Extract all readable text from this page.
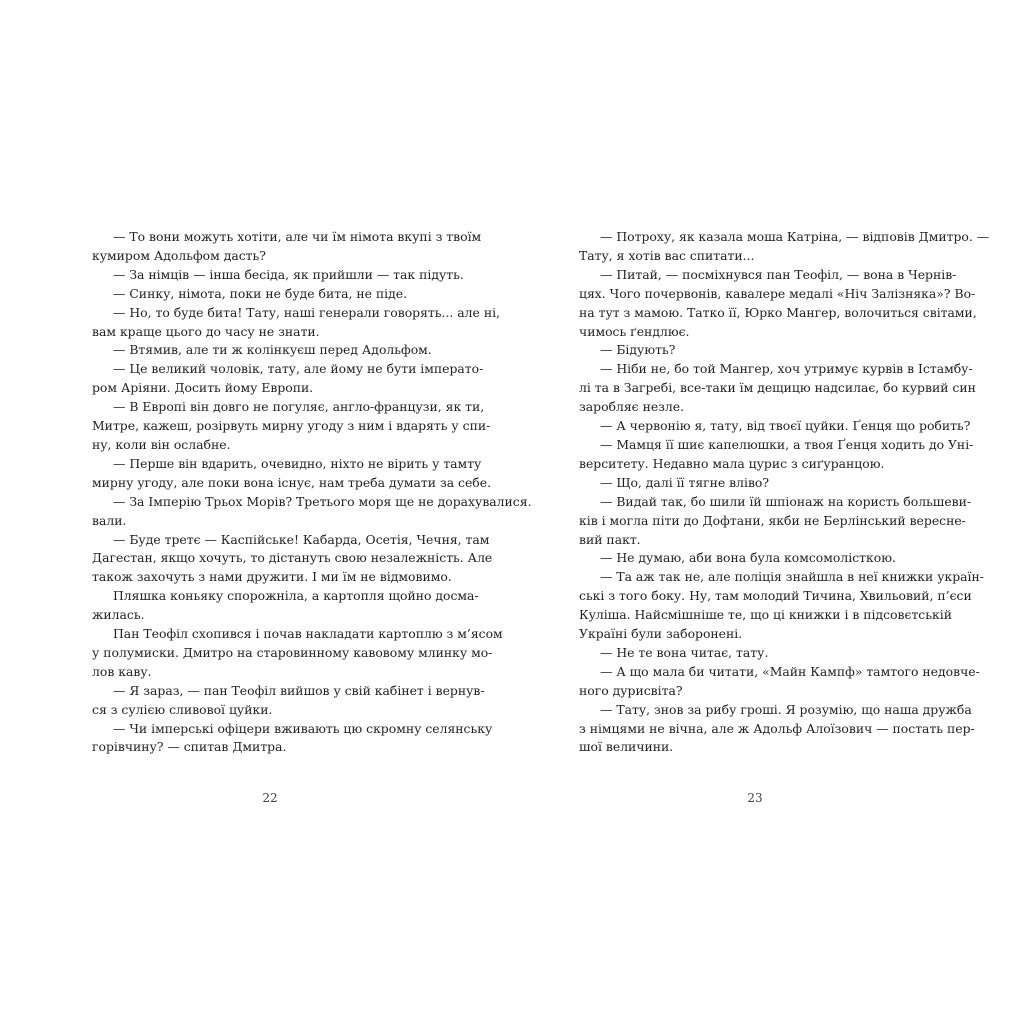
— То вони можуть хотіти, але чи їм німота вкупі з твоїм
кумиром Адольфом дасть?
— За німців — інша бесіда, як прийшли — так підуть.
— Синку, німота, поки не буде бита, не піде.
— Но, то буде бита! Тату, наші генерали говорять... але ні,
вам краще цього до часу не знати.
— Втямив, але ти ж колінкуєш перед Адольфом.
— Це великий чоловік, тату, але йому не бути імперато-
ром Аріяни. Досить йому Европи.
— В Европі він довго не погуляє, англо-французи, як ти,
Митре, кажеш, розірвуть мирну угоду з ним і вдарять у спи-
ну, коли він ослабне.
— Перше він вдарить, очевидно, ніхто не вірить у тамту
мирну угоду, але поки вона існує, нам треба думати за себе.
— За Імперію Трьох Морів? Третього моря ще не дорахувалися.
вали.
— Буде третє — Каспійське! Кабарда, Осетія, Чечня, там
Дагестан, якщо хочуть, то дістануть свою незалежність. Але
також захочуть з нами дружити. І ми їм не відмовимо.
Пляшка коньяку спорожніла, а картопля щойно досма-
жилась.
Пан Теофіл схопився і почав накладати картоплю з м’ясом
у полумиски. Дмитро на старовинному кавовому млинку мо-
лов каву.
— Я зараз, — пан Теофіл вийшов у свій кабінет і вернув-
ся з сулією сливової цуйки.
— Чи імперські офіцери вживають цю скромну селянську
горівчину? — спитав Дмитра.
22
— Потроху, як казала моша Катріна, — відповів Дмитро. —
Тату, я хотів вас спитати...
— Питай, — посміхнувся пан Теофіл, — вона в Чернів-
цях. Чого почервонів, кавалере медалі «Ніч Залізняка»? Во-
на тут з мамою. Татко її, Юрко Мангер, волочиться світами,
чимось ґендлює.
— Бідують?
— Ніби не, бо той Мангер, хоч утримує курвів в Істамбу-
лі та в Загребі, все-таки їм дещицю надсилає, бо курвий син
заробляє незле.
— А червонію я, тату, від твоєї цуйки. Ґенця що робить?
— Мамця її шиє капелюшки, а твоя Ґенця ходить до Уні-
верситету. Недавно мала цурис з сиґуранцою.
— Що, далі її тягне вліво?
— Видай так, бо шили їй шпіонаж на користь большеви-
ків і могла піти до Дофтани, якби не Берлінський вересне-
вий пакт.
— Не думаю, аби вона була комсомолісткою.
— Та аж так не, але поліція знайшла в неї книжки україн-
ські з того боку. Ну, там молодий Тичина, Хвильовий, п’єси
Куліша. Найсмішніше те, що ці книжки і в підсовєтській
Україні були заборонені.
— Не те вона читає, тату.
— А що мала би читати, «Майн Кампф» тамтого недовче-
ного дурисвіта?
— Тату, знов за рибу гроші. Я розумію, що наша дружба
з німцями не вічна, але ж Адольф Алоїзович — постать пер-
шої величини.
23
